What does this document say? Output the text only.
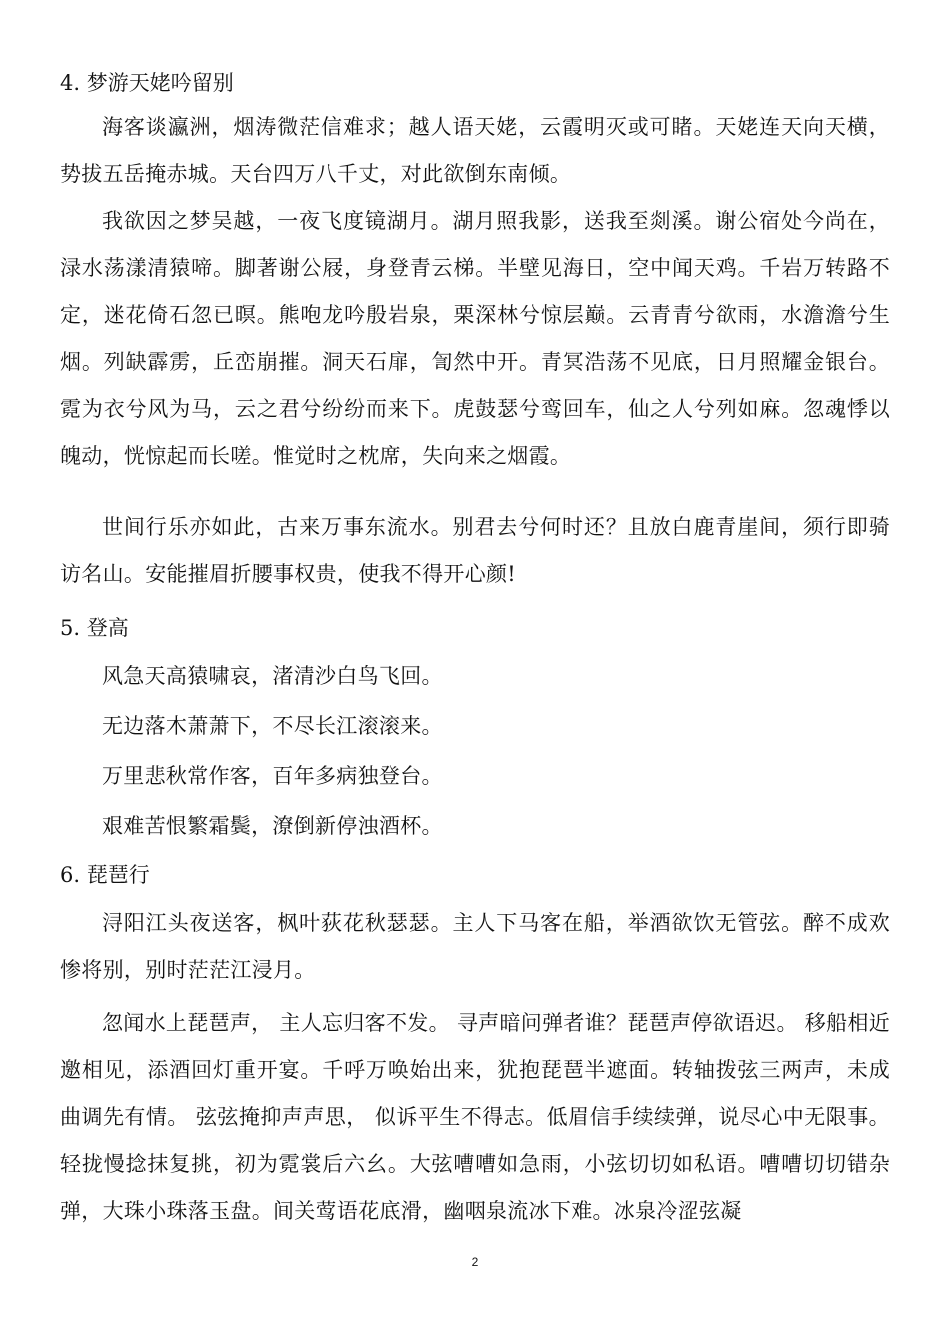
4. 梦游天姥吟留别

海客谈瀛洲，烟涛微茫信难求；越人语天姥，云霞明灭或可睹。天姥连天向天横，势拔五岳掩赤城。天台四万八千丈，对此欲倒东南倾。

我欲因之梦吴越，一夜飞度镜湖月。湖月照我影，送我至剡溪。谢公宿处今尚在，渌水荡漾清猿啼。脚著谢公屐，身登青云梯。半壁见海日，空中闻天鸡。千岩万转路不定，迷花倚石忽已暝。熊咆龙吟殷岩泉，栗深林兮惊层巅。云青青兮欲雨，水澹澹兮生烟。列缺霹雳，丘峦崩摧。洞天石扉，訇然中开。青冥浩荡不见底，日月照耀金银台。霓为衣兮风为马，云之君兮纷纷而来下。虎鼓瑟兮鸾回车，仙之人兮列如麻。忽魂悸以魄动，恍惊起而长嗟。惟觉时之枕席，失向来之烟霞。

世间行乐亦如此，古来万事东流水。别君去兮何时还？且放白鹿青崖间，须行即骑访名山。安能摧眉折腰事权贵，使我不得开心颜!

5. 登高

风急天高猿啸哀，渚清沙白鸟飞回。

无边落木萧萧下，不尽长江滚滚来。

万里悲秋常作客，百年多病独登台。

艰难苦恨繁霜鬓，潦倒新停浊酒杯。

6. 琵琶行

浔阳江头夜送客，枫叶荻花秋瑟瑟。主人下马客在船，举酒欲饮无管弦。醉不成欢惨将别，别时茫茫江浸月。

忽闻水上琵琶声， 主人忘归客不发。 寻声暗问弹者谁？琵琶声停欲语迟。 移船相近邀相见，添酒回灯重开宴。千呼万唤始出来，犹抱琵琶半遮面。转轴拨弦三两声，未成曲调先有情。 弦弦掩抑声声思， 似诉平生不得志。低眉信手续续弹，说尽心中无限事。轻拢慢捻抹复挑，初为霓裳后六幺。大弦嘈嘈如急雨，小弦切切如私语。嘈嘈切切错杂弹，大珠小珠落玉盘。间关莺语花底滑，幽咽泉流冰下难。冰泉冷涩弦凝

2
